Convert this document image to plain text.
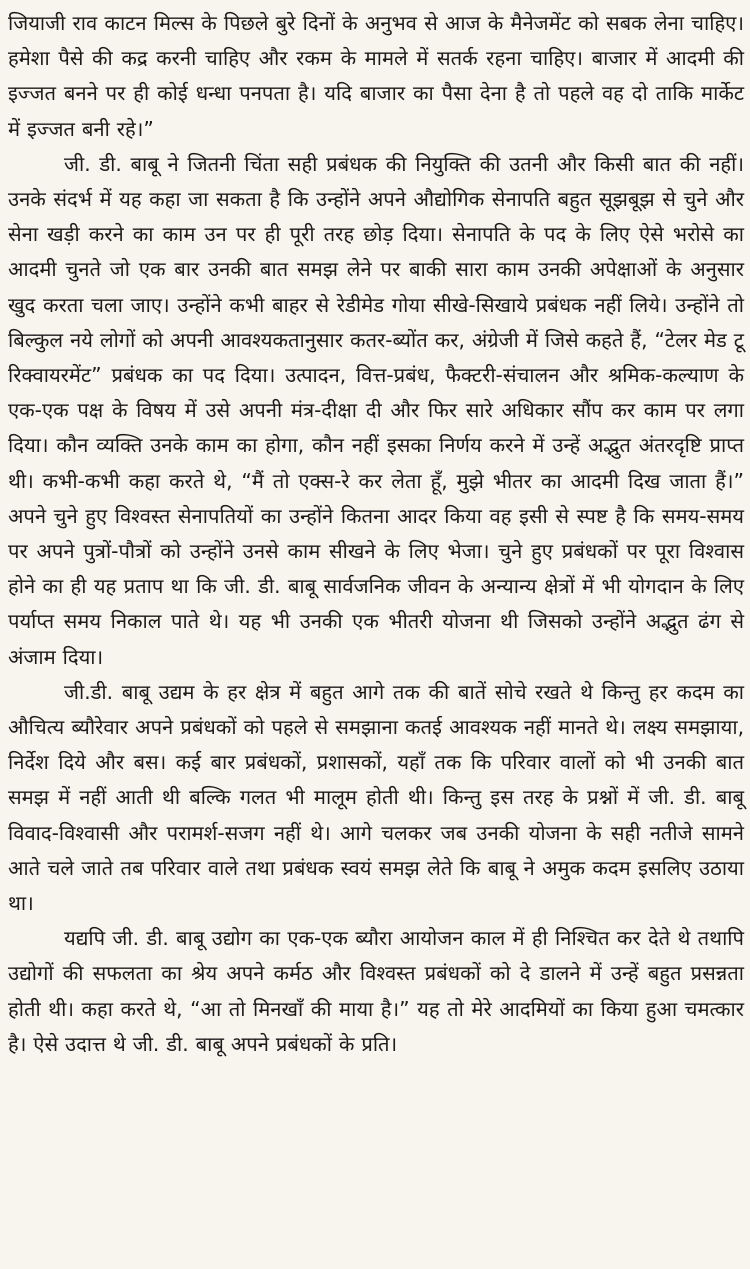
जियाजी राव काटन मिल्स के पिछले बुरे दिनों के अनुभव से आज के मैनेजमेंट को सबक लेना चाहिए। हमेशा पैसे की कद्र करनी चाहिए और रकम के मामले में सतर्क रहना चाहिए। बाजार में आदमी की इज्जत बनने पर ही कोई धन्धा पनपता है। यदि बाजार का पैसा देना है तो पहले वह दो ताकि मार्केट में इज्जत बनी रहे।”

जी. डी. बाबू ने जितनी चिंता सही प्रबंधक की नियुक्ति की उतनी और किसी बात की नहीं। उनके संदर्भ में यह कहा जा सकता है कि उन्होंने अपने औद्योगिक सेनापति बहुत सूझबूझ से चुने और सेना खड़ी करने का काम उन पर ही पूरी तरह छोड़ दिया। सेनापति के पद के लिए ऐसे भरोसे का आदमी चुनते जो एक बार उनकी बात समझ लेने पर बाकी सारा काम उनकी अपेक्षाओं के अनुसार खुद करता चला जाए। उन्होंने कभी बाहर से रेडीमेड गोया सीखे-सिखाये प्रबंधक नहीं लिये। उन्होंने तो बिल्कुल नये लोगों को अपनी आवश्यकतानुसार कतर-ब्योंत कर, अंग्रेजी में जिसे कहते हैं, “टेलर मेड टू रिक्वायरमेंट” प्रबंधक का पद दिया। उत्पादन, वित्त-प्रबंध, फैक्टरी-संचालन और श्रमिक-कल्याण के एक-एक पक्ष के विषय में उसे अपनी मंत्र-दीक्षा दी और फिर सारे अधिकार सौंप कर काम पर लगा दिया। कौन व्यक्ति उनके काम का होगा, कौन नहीं इसका निर्णय करने में उन्हें अद्भुत अंतरदृष्टि प्राप्त थी। कभी-कभी कहा करते थे, “मैं तो एक्स-रे कर लेता हूँ, मुझे भीतर का आदमी दिख जाता हैं।” अपने चुने हुए विश्वस्त सेनापतियों का उन्होंने कितना आदर किया वह इसी से स्पष्ट है कि समय-समय पर अपने पुत्रों-पौत्रों को उन्होंने उनसे काम सीखने के लिए भेजा। चुने हुए प्रबंधकों पर पूरा विश्वास होने का ही यह प्रताप था कि जी. डी. बाबू सार्वजनिक जीवन के अन्यान्य क्षेत्रों में भी योगदान के लिए पर्याप्त समय निकाल पाते थे। यह भी उनकी एक भीतरी योजना थी जिसको उन्होंने अद्भुत ढंग से अंजाम दिया।

जी.डी. बाबू उद्यम के हर क्षेत्र में बहुत आगे तक की बातें सोचे रखते थे किन्तु हर कदम का औचित्य ब्यौरेवार अपने प्रबंधकों को पहले से समझाना कतई आवश्यक नहीं मानते थे। लक्ष्य समझाया, निर्देश दिये और बस। कई बार प्रबंधकों, प्रशासकों, यहाँ तक कि परिवार वालों को भी उनकी बात समझ में नहीं आती थी बल्कि गलत भी मालूम होती थी। किन्तु इस तरह के प्रश्नों में जी. डी. बाबू विवाद-विश्वासी और परामर्श-सजग नहीं थे। आगे चलकर जब उनकी योजना के सही नतीजे सामने आते चले जाते तब परिवार वाले तथा प्रबंधक स्वयं समझ लेते कि बाबू ने अमुक कदम इसलिए उठाया था।

यद्यपि जी. डी. बाबू उद्योग का एक-एक ब्यौरा आयोजन काल में ही निश्चित कर देते थे तथापि उद्योगों की सफलता का श्रेय अपने कर्मठ और विश्वस्त प्रबंधकों को दे डालने में उन्हें बहुत प्रसन्नता होती थी। कहा करते थे, “आ तो मिनखाँ की माया है।” यह तो मेरे आदमियों का किया हुआ चमत्कार है। ऐसे उदात्त थे जी. डी. बाबू अपने प्रबंधकों के प्रति।
